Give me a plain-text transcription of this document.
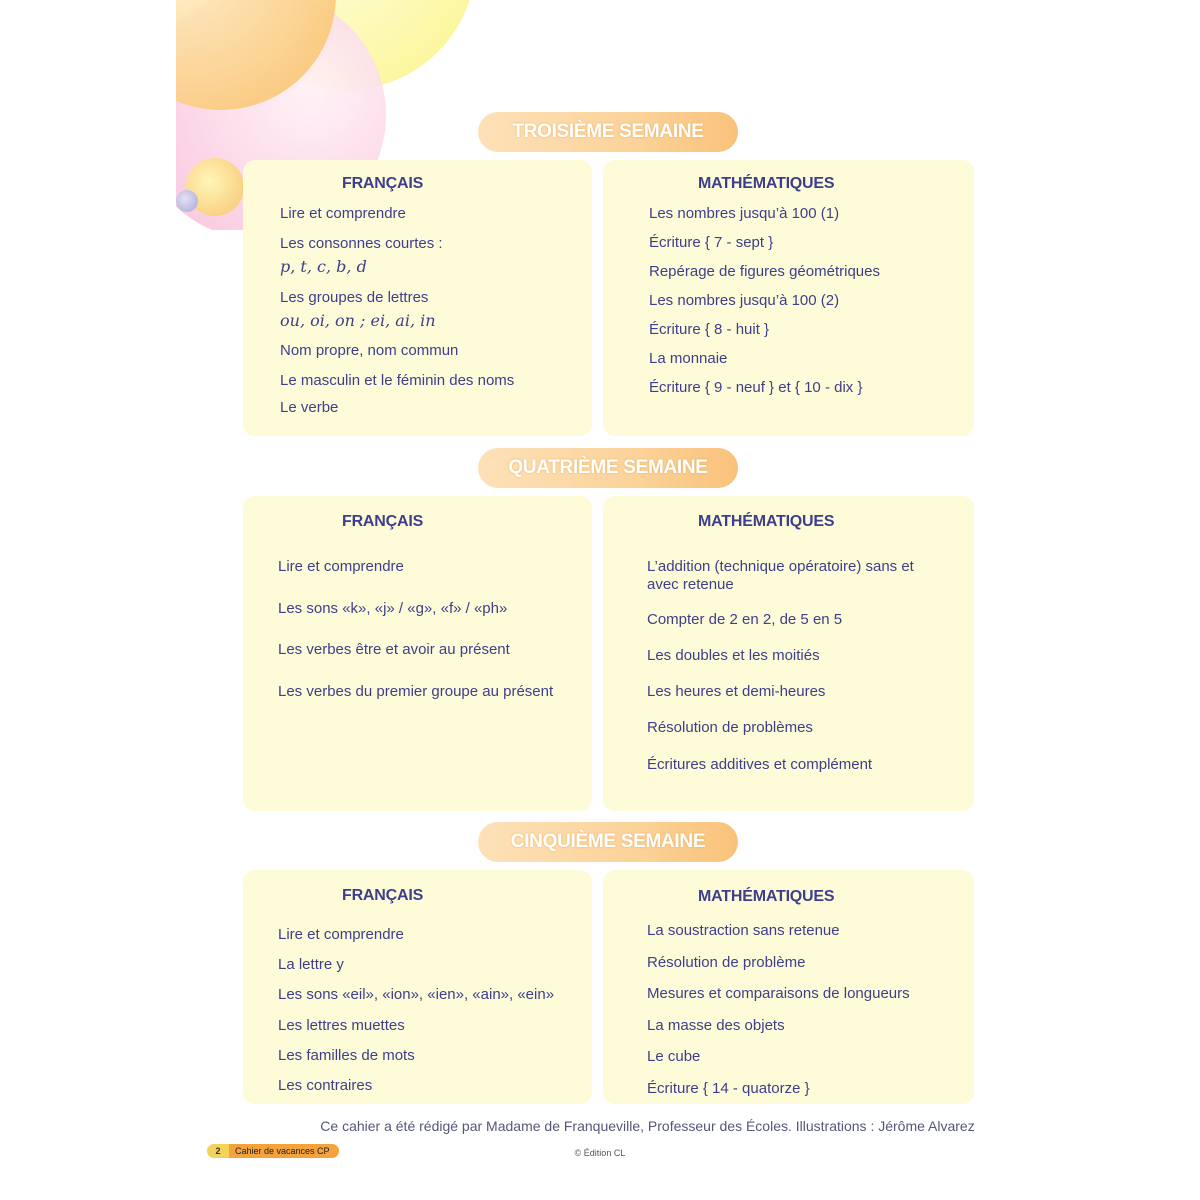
TROISIÈME SEMAINE
FRANÇAIS
Lire et comprendre
Les consonnes courtes :
p, t, c, b, d
Les groupes de lettres
ou, oi, on ; ei, ai, in
Nom propre, nom commun
Le masculin et le féminin des noms
Le verbe
MATHÉMATIQUES
Les nombres jusqu’à 100 (1)
Écriture { 7 - sept }
Repérage de figures géométriques
Les nombres jusqu’à 100 (2)
Écriture { 8 - huit }
La monnaie
Écriture { 9 - neuf } et { 10 - dix }
QUATRIÈME SEMAINE
FRANÇAIS
Lire et comprendre
Les sons «k», «j» / «g», «f» / «ph»
Les verbes être et avoir au présent
Les verbes du premier groupe au présent
MATHÉMATIQUES
L’addition (technique opératoire) sans et
avec retenue
Compter de 2 en 2, de 5 en 5
Les doubles et les moitiés
Les heures et demi-heures
Résolution de problèmes
Écritures additives et complément
CINQUIÈME SEMAINE
FRANÇAIS
Lire et comprendre
La lettre y
Les sons «eil», «ion», «ien», «ain», «ein»
Les lettres muettes
Les familles de mots
Les contraires
MATHÉMATIQUES
La soustraction sans retenue
Résolution de problème
Mesures et comparaisons de longueurs
La masse des objets
Le cube
Écriture { 14 - quatorze }
Ce cahier a été rédigé par Madame de Franqueville, Professeur des Écoles. Illustrations : Jérôme Alvarez
2	Cahier de vacances CP	© Édition CL
